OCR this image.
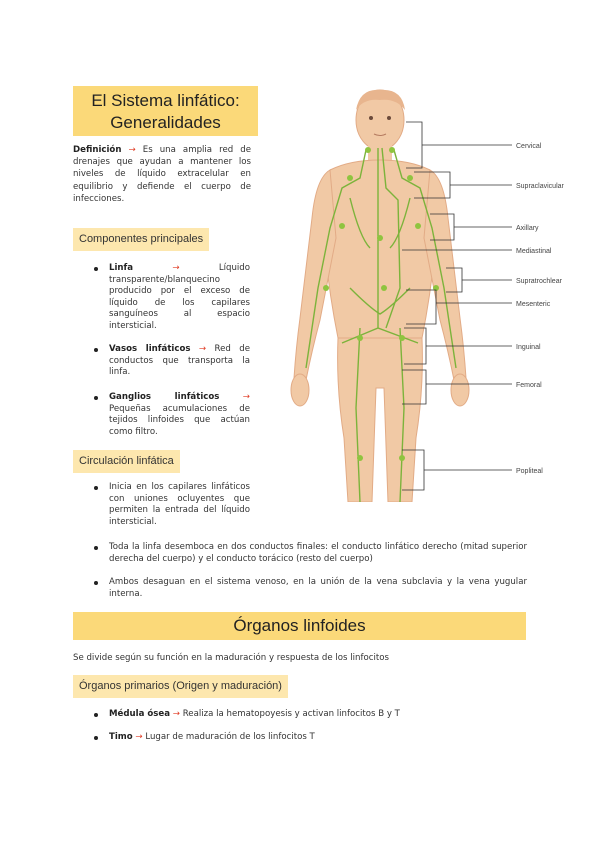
El Sistema linfático:
Generalidades
Definición → Es una amplia red de drenajes que ayudan a mantener los niveles de líquido extracelular en equilibrio y defiende el cuerpo de infecciones.
Componentes principales
Linfa	→	Líquido transparente/blanquecino producido por el exceso de líquido de los capilares sanguíneos al espacio intersticial.
Vasos linfáticos → Red de conductos que transporta la linfa.
Ganglios linfáticos	→ Pequeñas acumulaciones de tejidos linfoides que actúan como filtro.
Circulación linfática
Inicia en los capilares linfáticos con uniones ocluyentes que permiten la entrada del líquido intersticial.
Toda la linfa desemboca en dos conductos finales: el conducto linfático derecho (mitad superior derecha del cuerpo) y el conducto torácico (resto del cuerpo)
Ambos desaguan en el sistema venoso, en la unión de la vena subclavia y la vena yugular interna.
Órganos linfoides
Se divide según su función en la maduración y respuesta de los linfocitos
Órganos primarios (Origen y maduración)
Médula ósea → Realiza la hematopoyesis y activan linfocitos B y T
Timo → Lugar de maduración de los linfocitos T
Cervical
Supraclavicular
Axillary
Mediastinal
Supratrochlear
Mesenteric
Inguinal
Femoral
Popliteal
